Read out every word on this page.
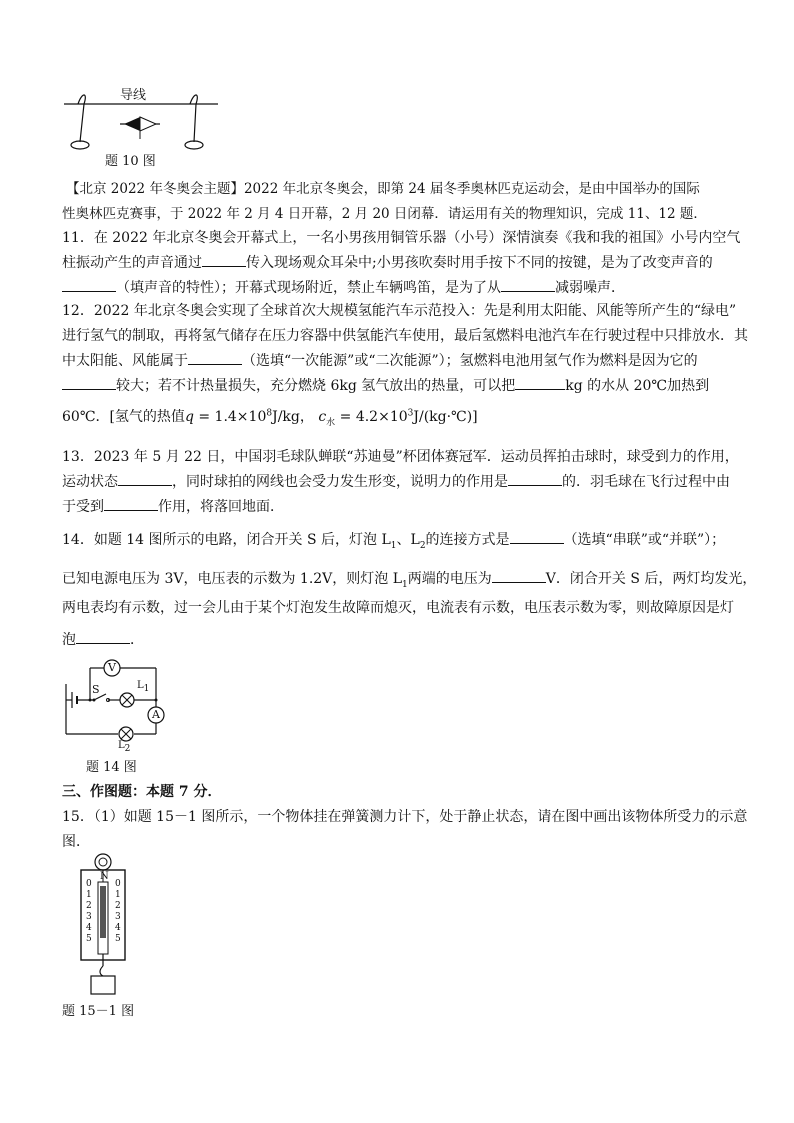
导线
题 10 图
【北京 2022 年冬奥会主题】2022 年北京冬奥会，即第 24 届冬季奥林匹克运动会，是由中国举办的国际
性奥林匹克赛事，于 2022 年 2 月 4 日开幕，2 月 20 日闭幕．请运用有关的物理知识，完成 11、12 题．
11．在 2022 年北京冬奥会开幕式上，一名小男孩用铜管乐器（小号）深情演奏《我和我的祖国》小号内空气
柱振动产生的声音通过	传入现场观众耳朵中;小男孩吹奏时用手按下不同的按键，是为了改变声音的
（填声音的特性）；开幕式现场附近，禁止车辆鸣笛，是为了从	减弱噪声．
12．2022 年北京冬奥会实现了全球首次大规模氢能汽车示范投入：先是利用太阳能、风能等所产生的“绿电”
进行氢气的制取，再将氢气储存在压力容器中供氢能汽车使用，最后氢燃料电池汽车在行驶过程中只排放水．其
中太阳能、风能属于	（选填“一次能源”或“二次能源”）；氢燃料电池用氢气作为燃料是因为它的
较大；若不计热量损失，充分燃烧 6kg 氢气放出的热量，可以把	kg 的水从 20℃加热到
60℃．[氢气的热值$q = 1.4\times 10^8J/kg$， $c_水$ = $4.2\times 10^3J/(kg\cdot℃)$]
13．2023 年 5 月 22 日，中国羽毛球队蝉联“苏迪曼”杯团体赛冠军．运动员挥拍击球时，球受到力的作用，
运动状态	，同时球拍的网线也会受力发生形变，说明力的作用是	的．羽毛球在飞行过程中由
于受到	作用，将落回地面．
14．如题 14 图所示的电路，闭合开关 S 后，灯泡 $L_1$、$L_2$的连接方式是	（选填“串联”或“并联”）；
已知电源电压为 3V，电压表的示数为 1.2V，则灯泡 $L_1$两端的电压为	V．闭合开关 S 后，两灯均发光，
两电表均有示数，过一会儿由于某个灯泡发生故障而熄灭，电流表有示数，电压表示数为零，则故障原因是灯
泡	．
V
A
S	$L_1$
$L_2$
题 14 图
三、作图题：本题 7 分．
15．（1）如题 15－1 图所示，一个物体挂在弹簧测力计下，处于静止状态，请在图中画出该物体所受力的示意
图．
N
0
1
2
3
4
5
0
1
2
3
4
5
题 15－1 图
